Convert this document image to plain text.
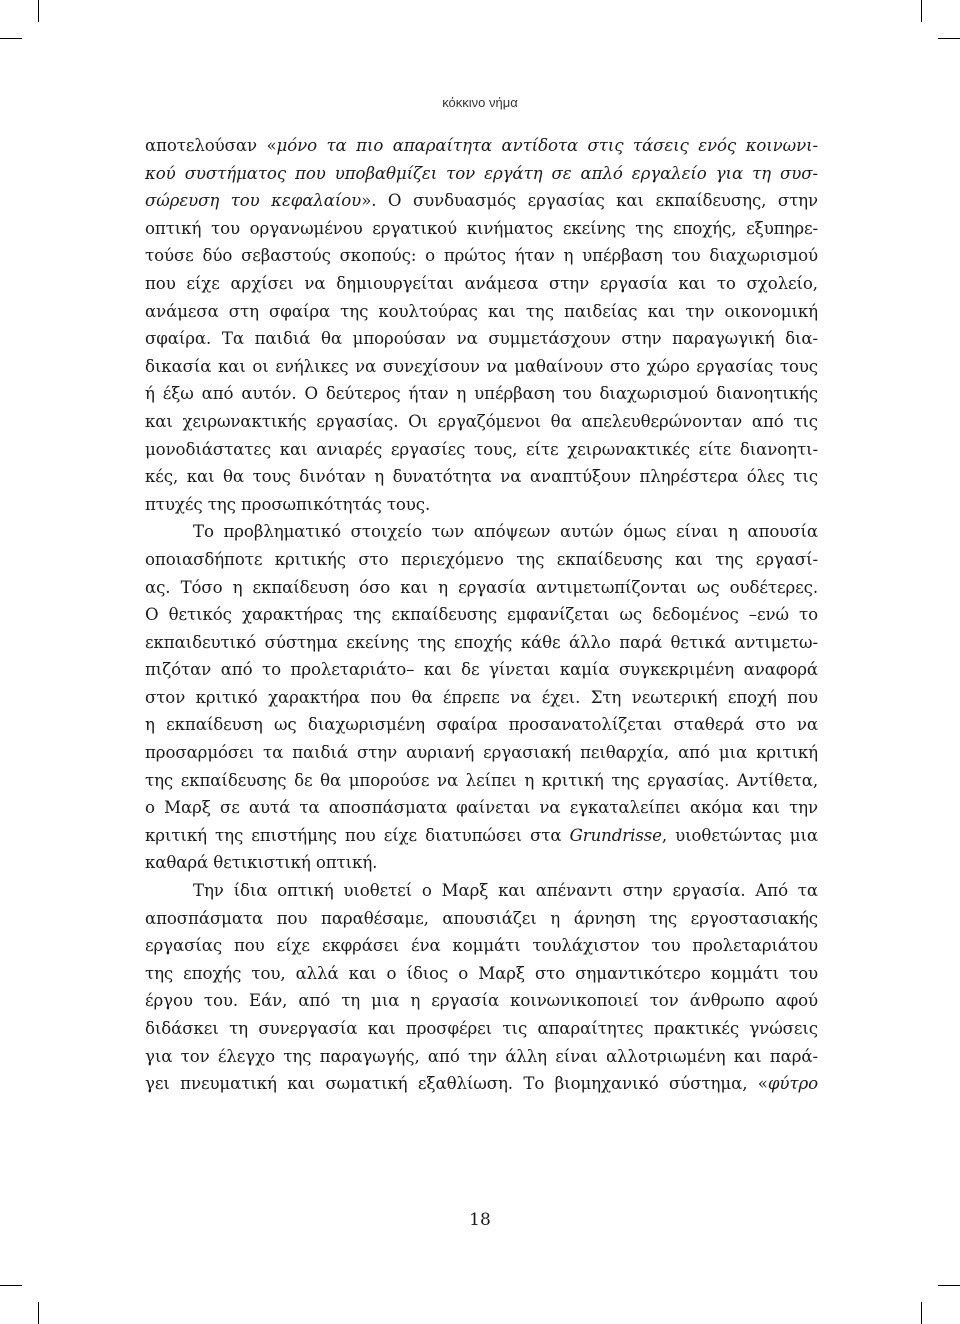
κόκκινο νήμα
αποτελούσαν «μόνο τα πιο απαραίτητα αντίδοτα στις τάσεις ενός κοινωνι-
κού συστήματος που υποβαθμίζει τον εργάτη σε απλό εργαλείο για τη συσ-
σώρευση του κεφαλαίου». Ο συνδυασμός εργασίας και εκπαίδευσης, στην
οπτική του οργανωμένου εργατικού κινήματος εκείνης της εποχής, εξυπηρε-
τούσε δύο σεβαστούς σκοπούς: ο πρώτος ήταν η υπέρβαση του διαχωρισμού
που είχε αρχίσει να δημιουργείται ανάμεσα στην εργασία και το σχολείο,
ανάμεσα στη σφαίρα της κουλτούρας και της παιδείας και την οικονομική
σφαίρα. Τα παιδιά θα μπορούσαν να συμμετάσχουν στην παραγωγική δια-
δικασία και οι ενήλικες να συνεχίσουν να μαθαίνουν στο χώρο εργασίας τους
ή έξω από αυτόν. Ο δεύτερος ήταν η υπέρβαση του διαχωρισμού διανοητικής
και χειρωνακτικής εργασίας. Οι εργαζόμενοι θα απελευθερώνονταν από τις
μονοδιάστατες και ανιαρές εργασίες τους, είτε χειρωνακτικές είτε διανοητι-
κές, και θα τους δινόταν η δυνατότητα να αναπτύξουν πληρέστερα όλες τις
πτυχές της προσωπικότητάς τους.
Το προβληματικό στοιχείο των απόψεων αυτών όμως είναι η απουσία
οποιασδήποτε κριτικής στο περιεχόμενο της εκπαίδευσης και της εργασί-
ας. Τόσο η εκπαίδευση όσο και η εργασία αντιμετωπίζονται ως ουδέτερες.
Ο θετικός χαρακτήρας της εκπαίδευσης εμφανίζεται ως δεδομένος –ενώ το
εκπαιδευτικό σύστημα εκείνης της εποχής κάθε άλλο παρά θετικά αντιμετω-
πιζόταν από το προλεταριάτο– και δε γίνεται καμία συγκεκριμένη αναφορά
στον κριτικό χαρακτήρα που θα έπρεπε να έχει. Στη νεωτερική εποχή που
η εκπαίδευση ως διαχωρισμένη σφαίρα προσανατολίζεται σταθερά στο να
προσαρμόσει τα παιδιά στην αυριανή εργασιακή πειθαρχία, από μια κριτική
της εκπαίδευσης δε θα μπορούσε να λείπει η κριτική της εργασίας. Αντίθετα,
ο Μαρξ σε αυτά τα αποσπάσματα φαίνεται να εγκαταλείπει ακόμα και την
κριτική της επιστήμης που είχε διατυπώσει στα Grundrisse, υιοθετώντας μια
καθαρά θετικιστική οπτική.
Την ίδια οπτική υιοθετεί ο Μαρξ και απέναντι στην εργασία. Από τα
αποσπάσματα που παραθέσαμε, απουσιάζει η άρνηση της εργοστασιακής
εργασίας που είχε εκφράσει ένα κομμάτι τουλάχιστον του προλεταριάτου
της εποχής του, αλλά και ο ίδιος ο Μαρξ στο σημαντικότερο κομμάτι του
έργου του. Εάν, από τη μια η εργασία κοινωνικοποιεί τον άνθρωπο αφού
διδάσκει τη συνεργασία και προσφέρει τις απαραίτητες πρακτικές γνώσεις
για τον έλεγχο της παραγωγής, από την άλλη είναι αλλοτριωμένη και παρά-
γει πνευματική και σωματική εξαθλίωση. Το βιομηχανικό σύστημα, «φύτρο
18
